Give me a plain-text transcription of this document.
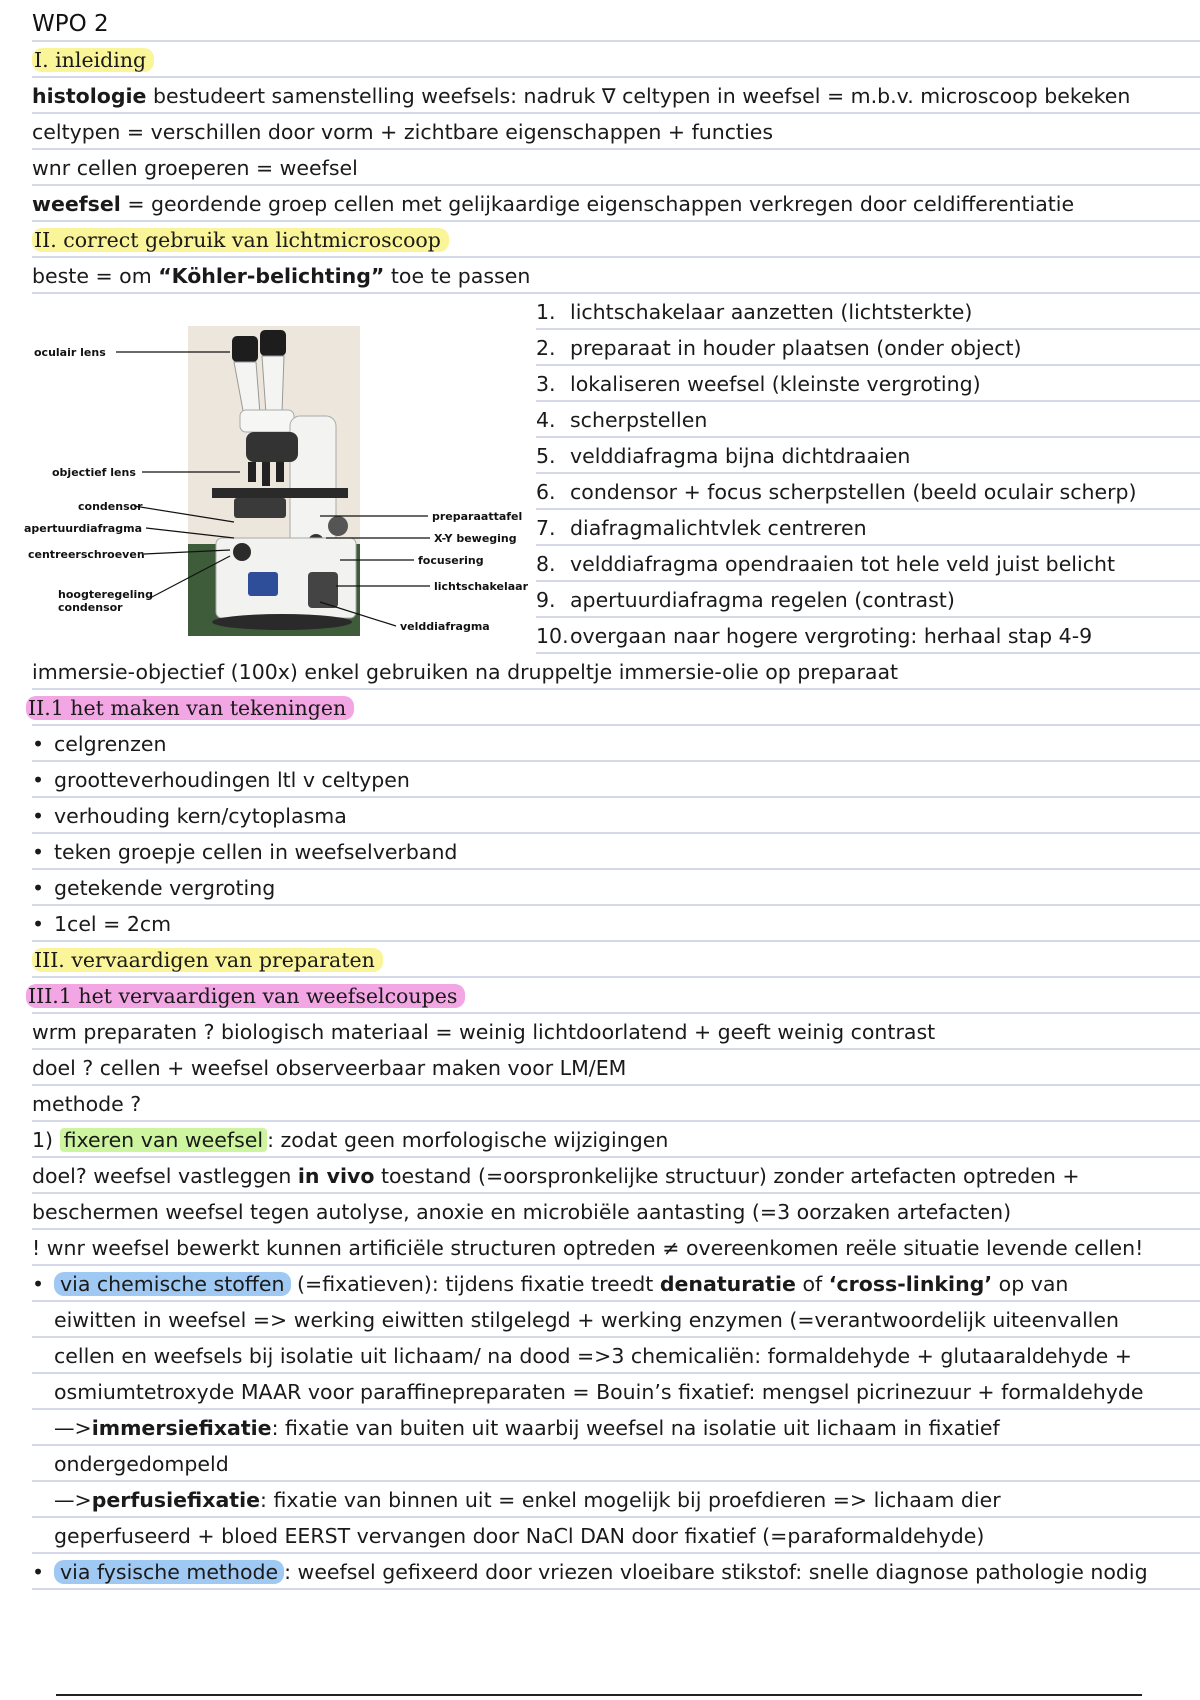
WPO 2
I. inleiding
histologie bestudeert samenstelling weefsels: nadruk ∇ celtypen in weefsel = m.b.v. microscoop bekeken
celtypen = verschillen door vorm + zichtbare eigenschappen + functies
wnr cellen groeperen = weefsel
weefsel = geordende groep cellen met gelijkaardige eigenschappen verkregen door celdifferentiatie
II. correct gebruik van lichtmicroscoop
beste = om “Köhler-belichting” toe te passen
oculair lens
objectief lens
condensor
apertuurdiafragma
centreerschroeven
hoogteregeling
condensor
preparaattafel
X-Y beweging
focusering
lichtschakelaar
velddiafragma
1. lichtschakelaar aanzetten (lichtsterkte)
2. preparaat in houder plaatsen (onder object)
3. lokaliseren weefsel (kleinste vergroting)
4. scherpstellen
5. velddiafragma bijna dichtdraaien
6. condensor + focus scherpstellen (beeld oculair scherp)
7. diafragmalichtvlek centreren
8. velddiafragma opendraaien tot hele veld juist belicht
9. apertuurdiafragma regelen (contrast)
10.overgaan naar hogere vergroting: herhaal stap 4-9
immersie-objectief (100x) enkel gebruiken na druppeltje immersie-olie op preparaat
II.1 het maken van tekeningen
• celgrenzen
• grootteverhoudingen ltl v celtypen
• verhouding kern/cytoplasma
• teken groepje cellen in weefselverband
• getekende vergroting
• 1cel = 2cm
III. vervaardigen van preparaten
III.1 het vervaardigen van weefselcoupes
wrm preparaten ? biologisch materiaal = weinig lichtdoorlatend + geeft weinig contrast
doel ? cellen + weefsel observeerbaar maken voor LM/EM
methode ?
1) fixeren van weefsel : zodat geen morfologische wijzigingen
doel? weefsel vastleggen in vivo toestand (=oorspronkelijke structuur) zonder artefacten optreden +
beschermen weefsel tegen autolyse, anoxie en microbiële aantasting (=3 oorzaken artefacten)
! wnr weefsel bewerkt kunnen artificiële structuren optreden ≠ overeenkomen reële situatie levende cellen!
• via chemische stoffen (=fixatieven): tijdens fixatie treedt denaturatie of ‘cross-linking’ op van
eiwitten in weefsel => werking eiwitten stilgelegd + werking enzymen (=verantwoordelijk uiteenvallen
cellen en weefsels bij isolatie uit lichaam/ na dood =>3 chemicaliën: formaldehyde + glutaaraldehyde +
osmiumtetroxyde MAAR voor paraffinepreparaten = Bouin’s fixatief: mengsel picrinezuur + formaldehyde
—>immersiefixatie: fixatie van buiten uit waarbij weefsel na isolatie uit lichaam in fixatief
ondergedompeld
—>perfusiefixatie: fixatie van binnen uit = enkel mogelijk bij proefdieren => lichaam dier
geperfuseerd + bloed EERST vervangen door NaCl DAN door fixatief (=paraformaldehyde)
• via fysische methode : weefsel gefixeerd door vriezen vloeibare stikstof: snelle diagnose pathologie nodig
